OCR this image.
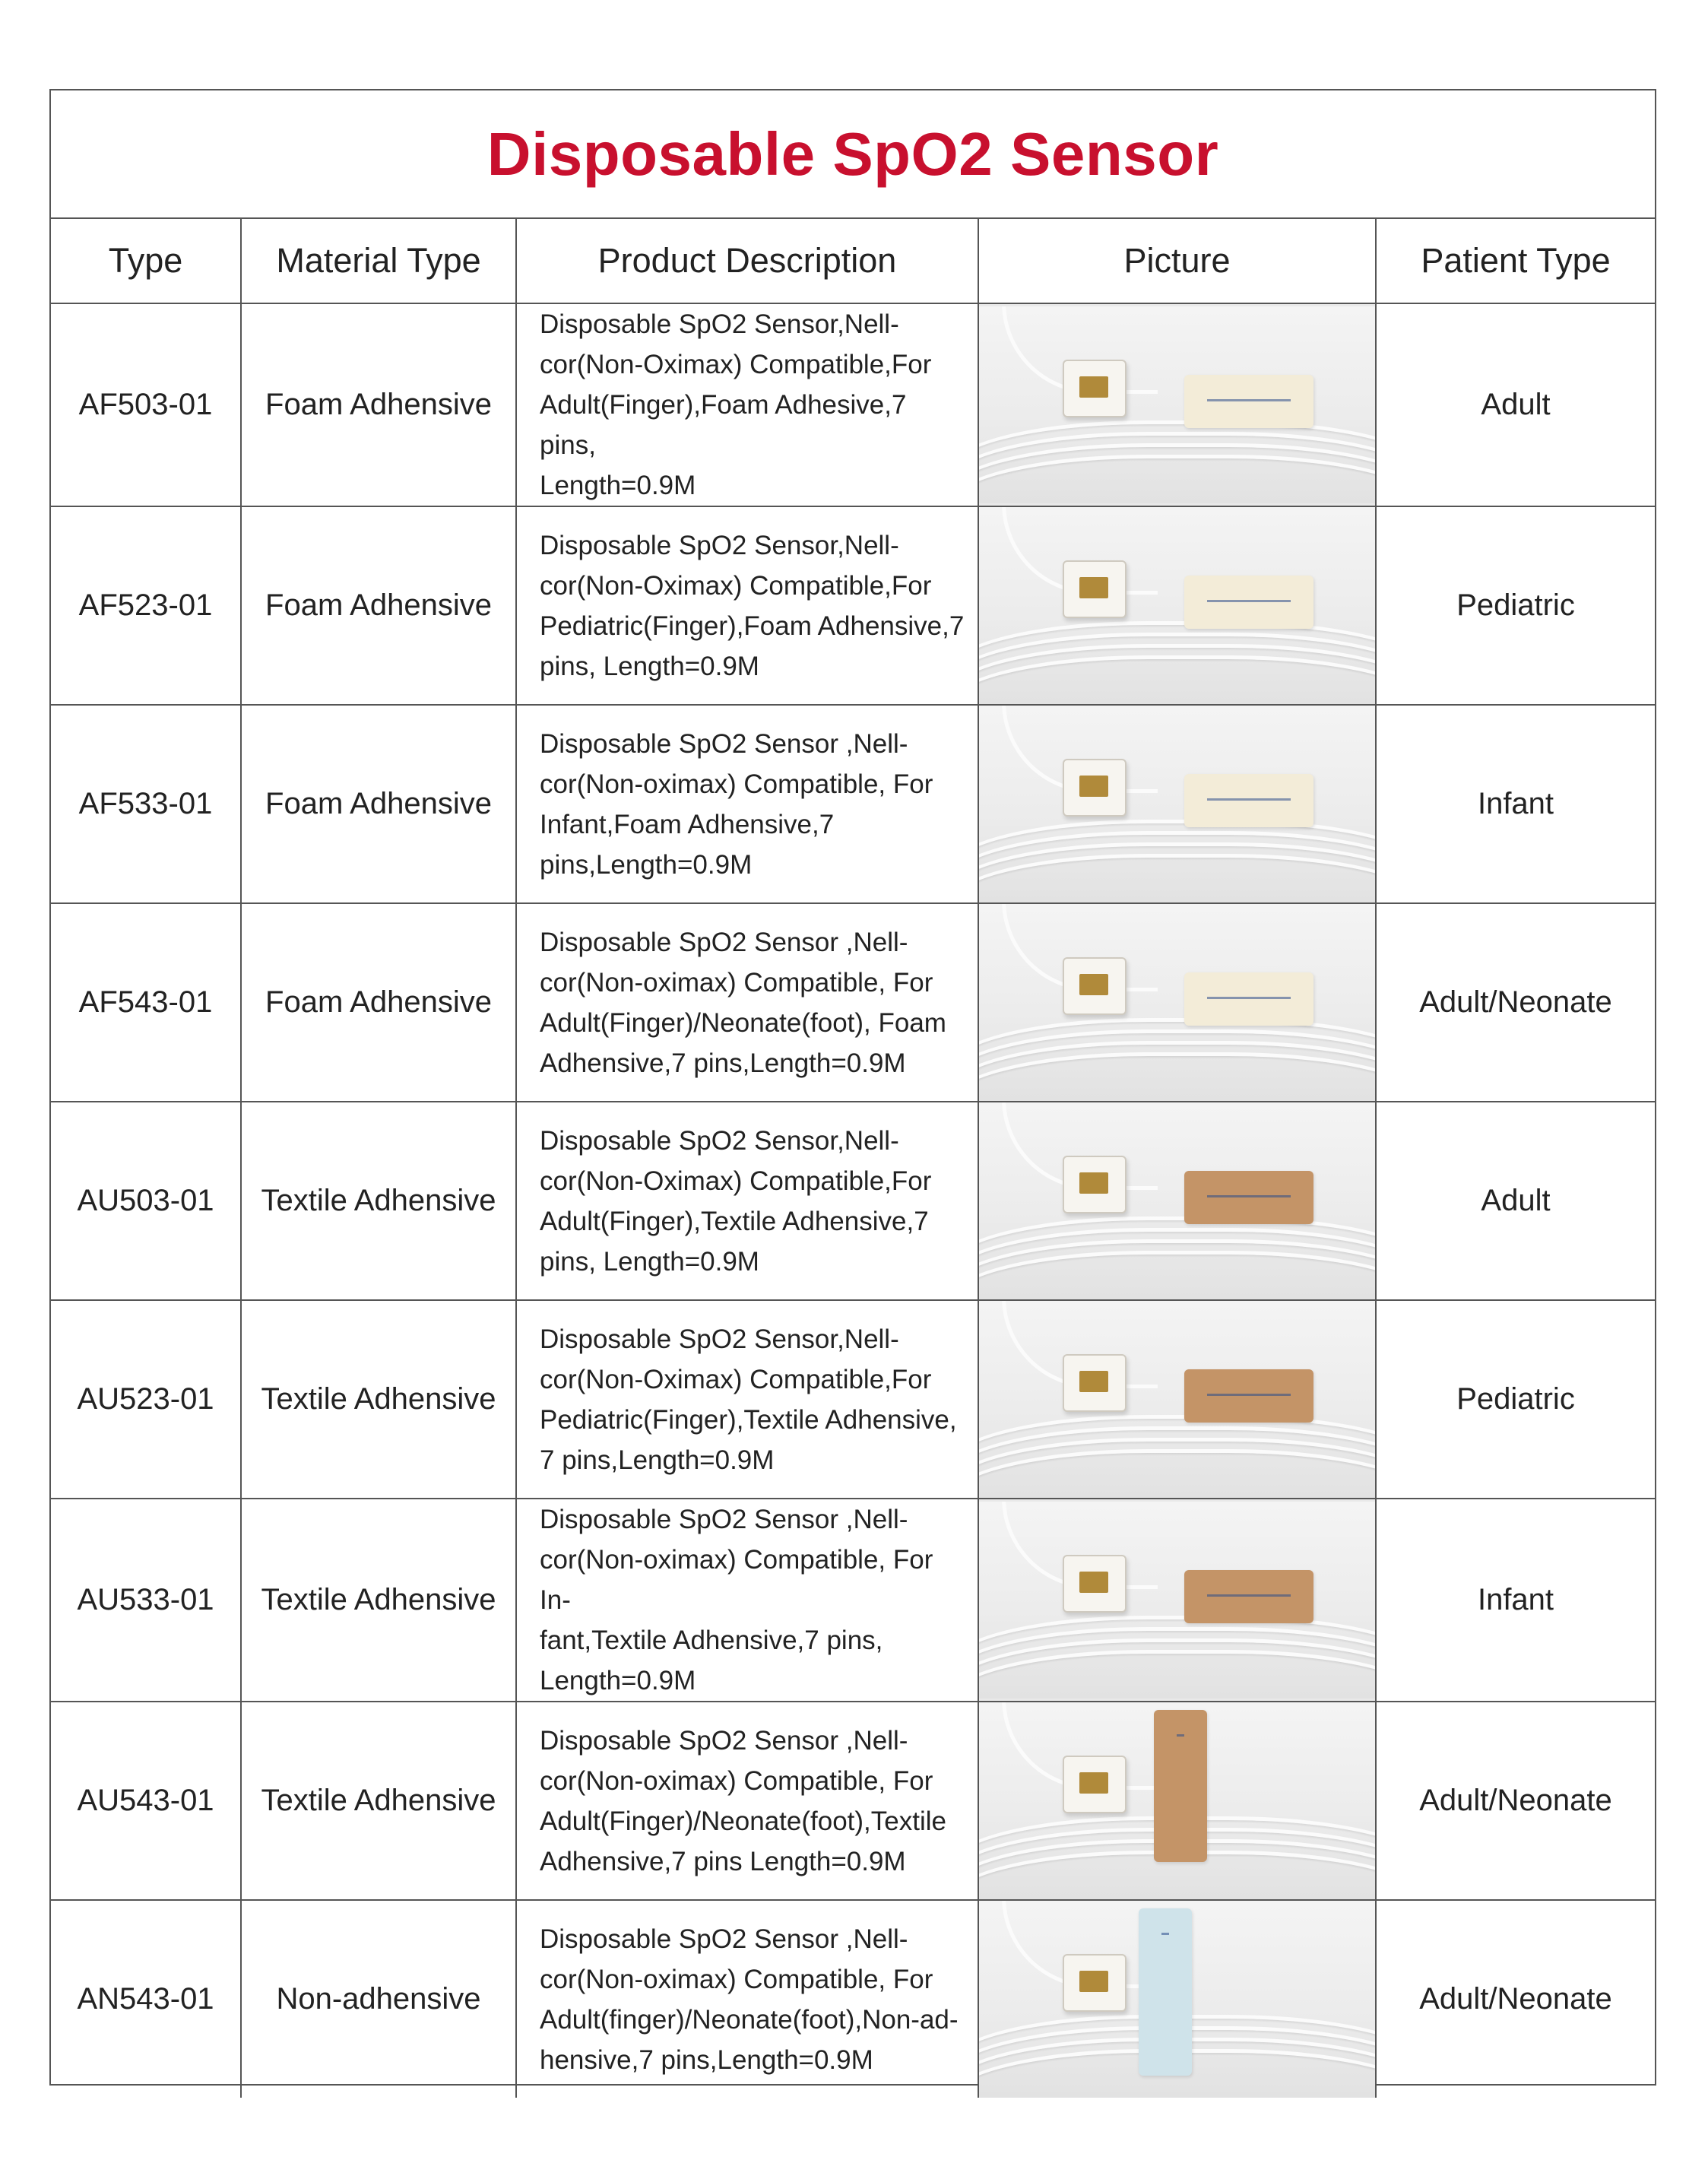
Disposable SpO2 Sensor
Type	Material Type	Product Description	Picture	Patient Type
AF503-01	Foam Adhensive	Disposable SpO2 Sensor,Nell-
cor(Non-Oximax) Compatible,For
Adult(Finger),Foam Adhesive,7 pins,
Length=0.9M		Adult
AF523-01	Foam Adhensive	Disposable SpO2 Sensor,Nell-
cor(Non-Oximax) Compatible,For
Pediatric(Finger),Foam Adhensive,7
pins, Length=0.9M		Pediatric
AF533-01	Foam Adhensive	Disposable SpO2 Sensor ,Nell-
cor(Non-oximax) Compatible, For
Infant,Foam Adhensive,7
pins,Length=0.9M		Infant
AF543-01	Foam Adhensive	Disposable SpO2 Sensor ,Nell-
cor(Non-oximax) Compatible, For
Adult(Finger)/Neonate(foot), Foam
Adhensive,7 pins,Length=0.9M		Adult/Neonate
AU503-01	Textile Adhensive	Disposable SpO2 Sensor,Nell-
cor(Non-Oximax) Compatible,For
Adult(Finger),Textile Adhensive,7
pins, Length=0.9M		Adult
AU523-01	Textile Adhensive	Disposable SpO2 Sensor,Nell-
cor(Non-Oximax) Compatible,For
Pediatric(Finger),Textile Adhensive,
7 pins,Length=0.9M		Pediatric
AU533-01	Textile Adhensive	Disposable SpO2 Sensor ,Nell-
cor(Non-oximax) Compatible, For In-
fant,Textile Adhensive,7 pins,
Length=0.9M		Infant
AU543-01	Textile Adhensive	Disposable SpO2 Sensor ,Nell-
cor(Non-oximax) Compatible, For
Adult(Finger)/Neonate(foot),Textile
Adhensive,7 pins Length=0.9M		Adult/Neonate
AN543-01	Non-adhensive	Disposable SpO2 Sensor ,Nell-
cor(Non-oximax) Compatible, For
Adult(finger)/Neonate(foot),Non-ad-
hensive,7 pins,Length=0.9M		Adult/Neonate
